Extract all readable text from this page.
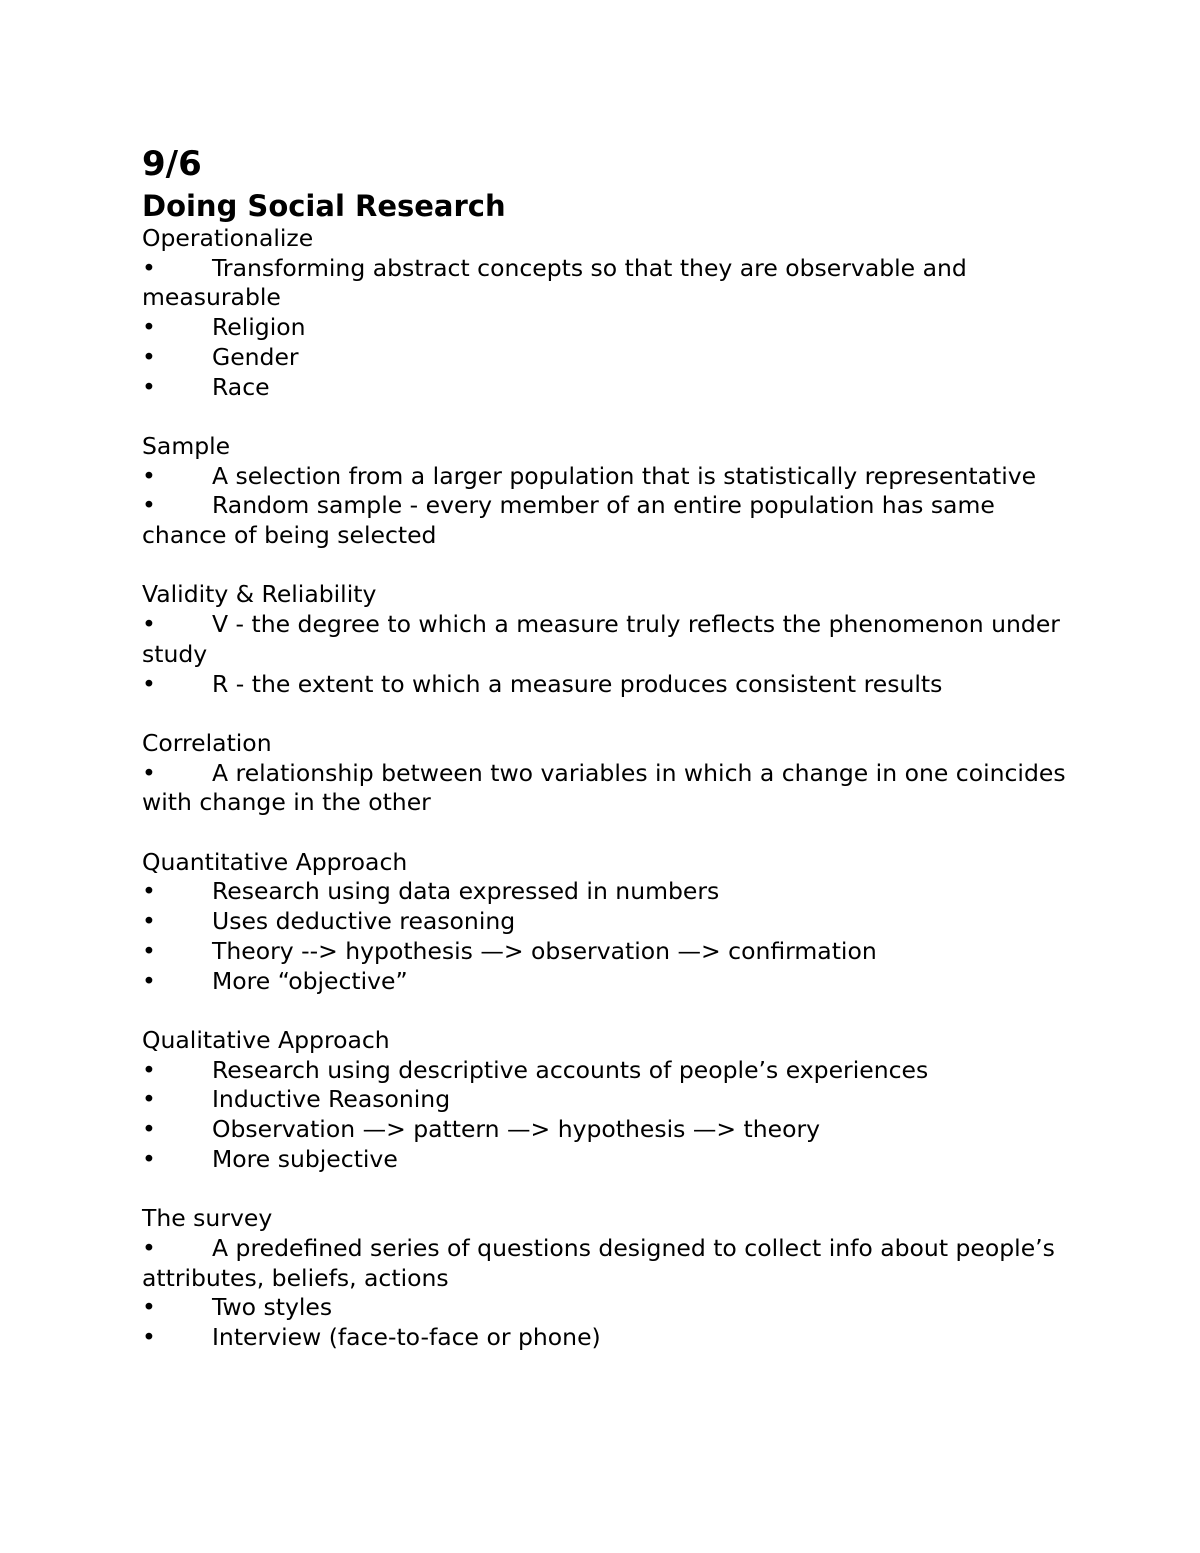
9/6
Doing Social Research
Operationalize
• Transforming abstract concepts so that they are observable and measurable
• Religion
• Gender
• Race
Sample
• A selection from a larger population that is statistically representative
• Random sample - every member of an entire population has same chance of being selected
Validity & Reliability
• V - the degree to which a measure truly reflects the phenomenon under study
• R - the extent to which a measure produces consistent results
Correlation
• A relationship between two variables in which a change in one coincides with change in the other
Quantitative Approach
• Research using data expressed in numbers
• Uses deductive reasoning
• Theory --> hypothesis —> observation —> confirmation
• More “objective”
Qualitative Approach
• Research using descriptive accounts of people’s experiences
• Inductive Reasoning
• Observation —> pattern —> hypothesis —> theory
• More subjective
The survey
• A predefined series of questions designed to collect info about people’s attributes, beliefs, actions
• Two styles
• Interview (face-to-face or phone)
